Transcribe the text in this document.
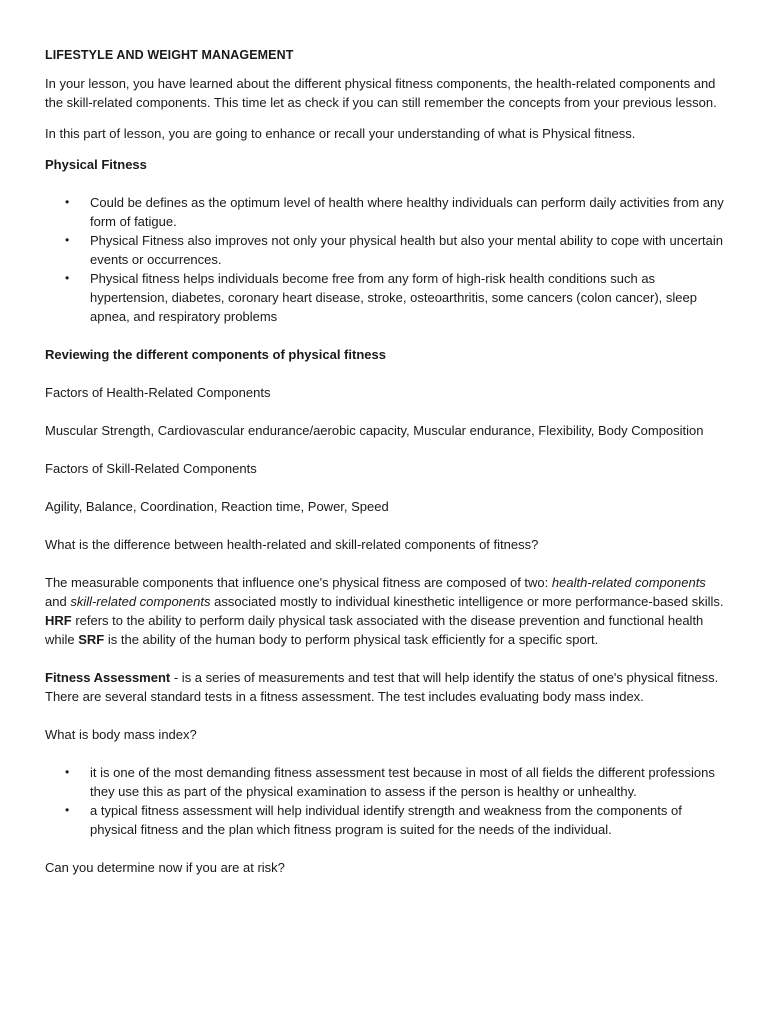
LIFESTYLE AND WEIGHT MANAGEMENT

In your lesson, you have learned about the different physical fitness components, the health-related components and the skill-related components. This time let as check if you can still remember the concepts from your previous lesson.

In this part of lesson, you are going to enhance or recall your understanding of what is Physical fitness.

Physical Fitness

• Could be defines as the optimum level of health where healthy individuals can perform daily activities from any form of fatigue.
• Physical Fitness also improves not only your physical health but also your mental ability to cope with uncertain events or occurrences.
• Physical fitness helps individuals become free from any form of high-risk health conditions such as hypertension, diabetes, coronary heart disease, stroke, osteoarthritis, some cancers (colon cancer), sleep apnea, and respiratory problems

Reviewing the different components of physical fitness

Factors of Health-Related Components

Muscular Strength, Cardiovascular endurance/aerobic capacity, Muscular endurance, Flexibility, Body Composition

Factors of Skill-Related Components

Agility, Balance, Coordination, Reaction time, Power, Speed

What is the difference between health-related and skill-related components of fitness?

The measurable components that influence one's physical fitness are composed of two: health-related components and skill-related components associated mostly to individual kinesthetic intelligence or more performance-based skills. HRF refers to the ability to perform daily physical task associated with the disease prevention and functional health while SRF is the ability of the human body to perform physical task efficiently for a specific sport.

Fitness Assessment - is a series of measurements and test that will help identify the status of one's physical fitness. There are several standard tests in a fitness assessment. The test includes evaluating body mass index.

What is body mass index?

• it is one of the most demanding fitness assessment test because in most of all fields the different professions they use this as part of the physical examination to assess if the person is healthy or unhealthy.
• a typical fitness assessment will help individual identify strength and weakness from the components of physical fitness and the plan which fitness program is suited for the needs of the individual.

Can you determine now if you are at risk?
